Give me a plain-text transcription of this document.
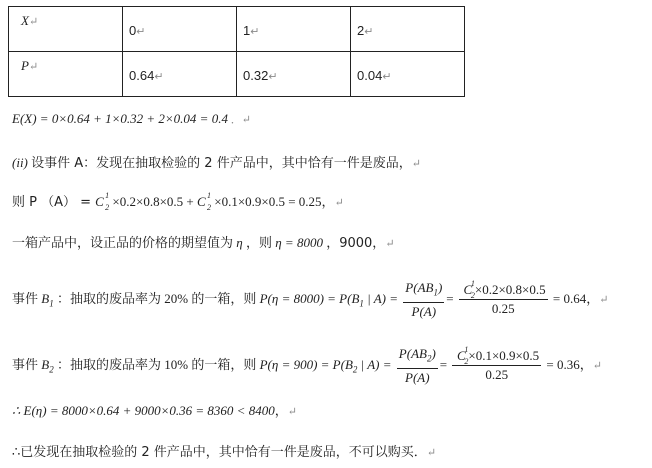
X↵	0↵	1↵	2↵

P↵	0.64↵	0.32↵	0.04↵
E(X) = 0×0.64 + 1×0.32 + 2×0.04 = 0.4 ．↵
(ii) 设事件 A：发现在抽取检验的 2 件产品中，其中恰有一件是废品，↵
则 P （A） = C 1
2 ×0.2×0.8×0.5 + C 1
2 ×0.1×0.9×0.5 = 0.25，↵
一箱产品中，设正品的价格的期望值为 η ，则 η = 8000 ，9000，↵
事件 $B_1$ ：抽取的废品率为 20% 的一箱，则 $P(\eta = 8000) = P(B_1$ | $A) = \frac{P(AB_1)}{P(A)} = C$
1
2 ×0.2×0.8×0.5
0.25 = 0.64，↵
事件 $B_2$ ：抽取的废品率为 10% 的一箱，则 $P(\eta = 900) = P(B_2$ | $A) = \frac{P(AB_2)}{P(A)} = C$
1
2 ×0.1×0.9×0.5
0.25 = 0.36，↵
∴ E(η) = 8000×0.64 + 9000×0.36 = 8360 < 8400，↵
∴已发现在抽取检验的 2 件产品中，其中恰有一件是废品，不可以购买．↵
